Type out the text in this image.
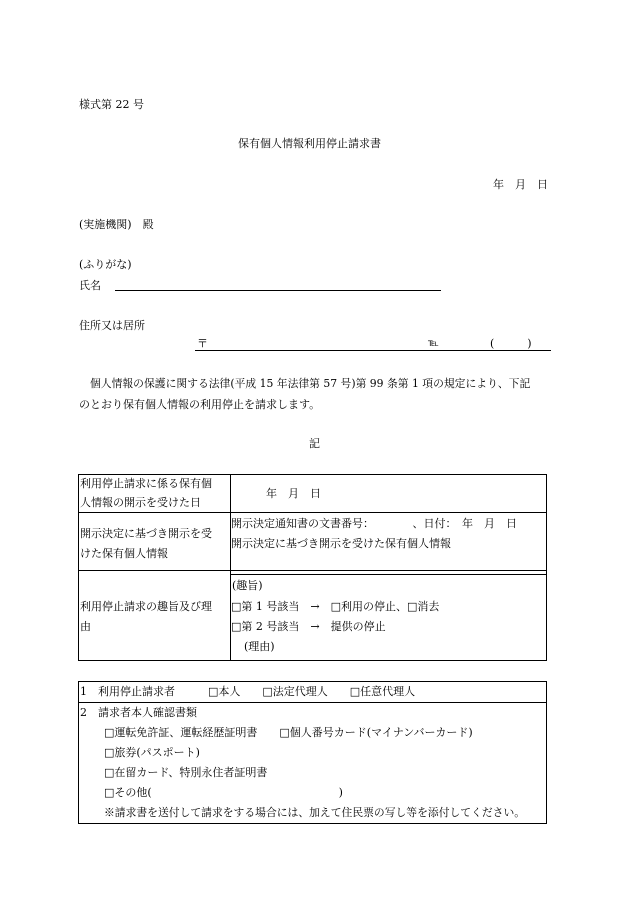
様式第 22 号
保有個人情報利用停止請求書
年　月　日
(実施機関)　殿
(ふりがな)
氏名
住所又は居所
〒	℡	(　　　)
個人情報の保護に関する法律(平成 15 年法律第 57 号)第 99 条第 1 項の規定により、下記
のとおり保有個人情報の利用停止を請求します。
記
利用停止請求に係る保有個
人情報の開示を受けた日
年　月　日
開示決定に基づき開示を受
けた保有個人情報
開示決定通知書の文書番号：　　　　、日付：　年　月　日
開示決定に基づき開示を受けた保有個人情報
利用停止請求の趣旨及び理
由
(趣旨)
□第 1 号該当　→　□利用の停止、□消去
□第 2 号該当　→　提供の停止
(理由)
1　利用停止請求者　　　□本人　　□法定代理人　　□任意代理人
2　請求者本人確認書類
□運転免許証、運転経歴証明書　　□個人番号カード(マイナンバーカード)
□旅券(パスポート)
□在留カード、特別永住者証明書
□その他(　　　　　　　　　　　　　　　　　)
※請求書を送付して請求をする場合には、加えて住民票の写し等を添付してください。
